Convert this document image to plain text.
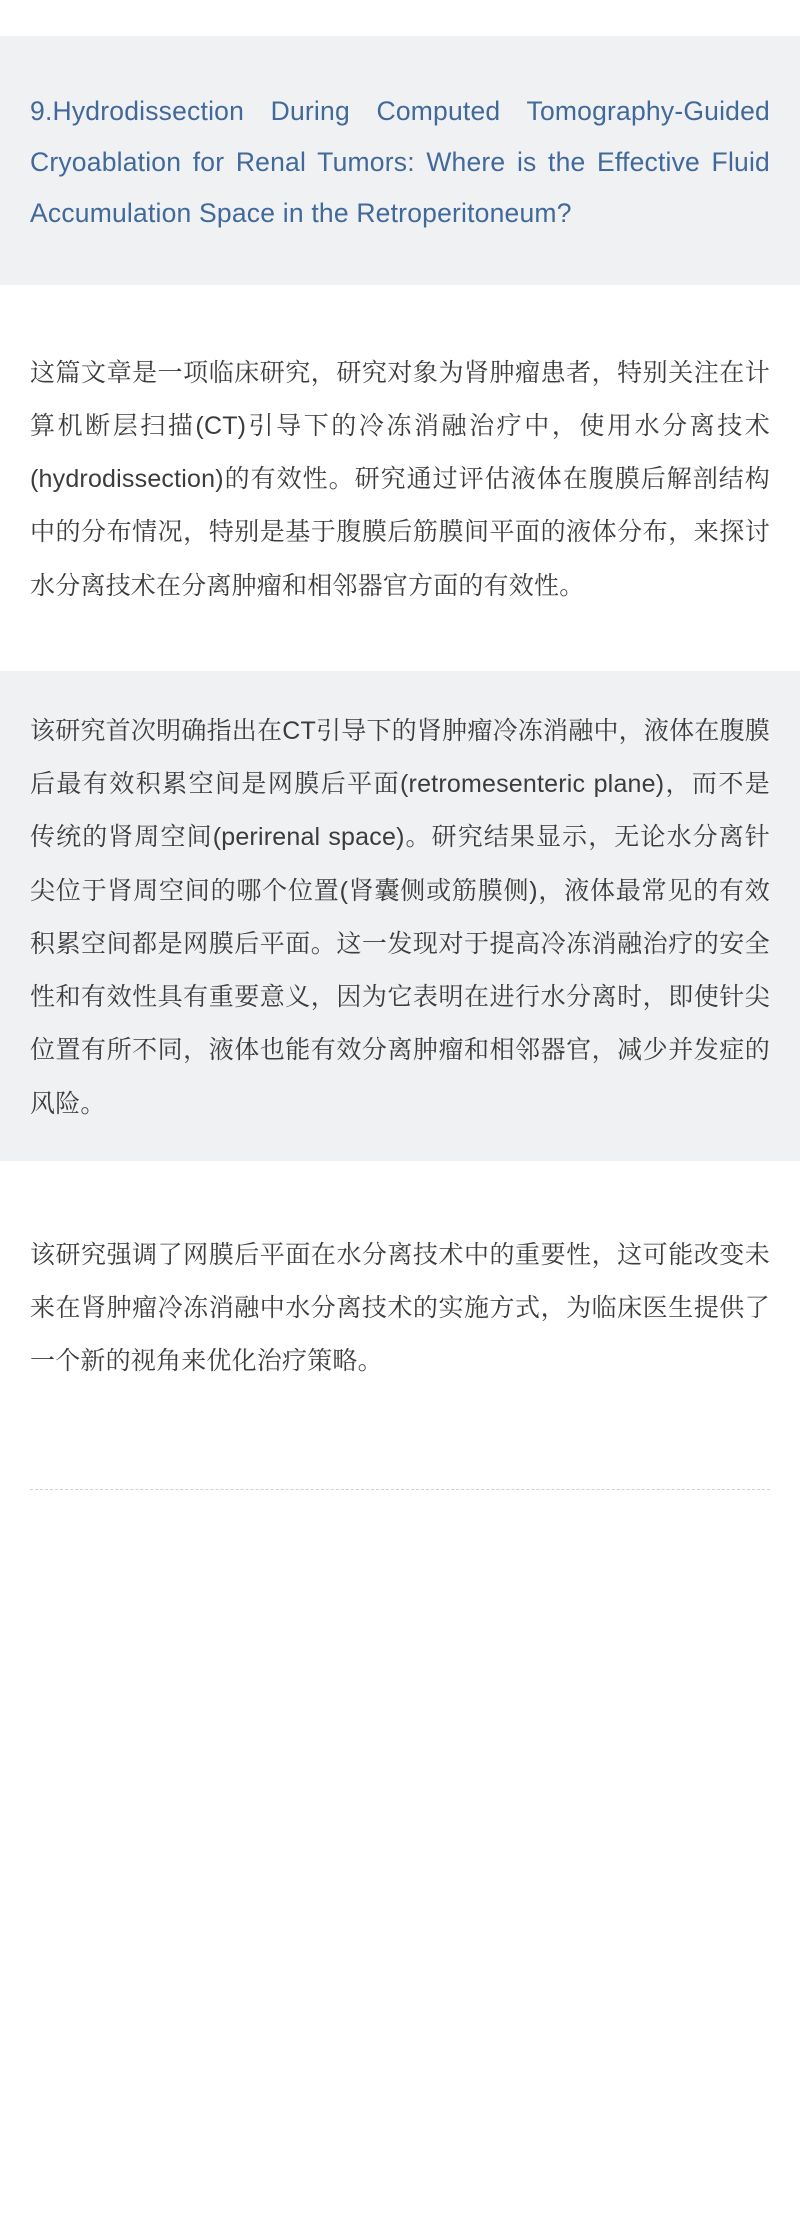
9.Hydrodissection During Computed Tomography-Guided Cryoablation for Renal Tumors: Where is the Effective Fluid Accumulation Space in the Retroperitoneum?

这篇文章是一项临床研究，研究对象为肾肿瘤患者，特别关注在计算机断层扫描(CT)引导下的冷冻消融治疗中，使用水分离技术(hydrodissection)的有效性。研究通过评估液体在腹膜后解剖结构中的分布情况，特别是基于腹膜后筋膜间平面的液体分布，来探讨水分离技术在分离肿瘤和相邻器官方面的有效性。

该研究首次明确指出在CT引导下的肾肿瘤冷冻消融中，液体在腹膜后最有效积累空间是网膜后平面(retromesenteric plane)，而不是传统的肾周空间(perirenal space)。研究结果显示，无论水分离针尖位于肾周空间的哪个位置(肾囊侧或筋膜侧)，液体最常见的有效积累空间都是网膜后平面。这一发现对于提高冷冻消融治疗的安全性和有效性具有重要意义，因为它表明在进行水分离时，即使针尖位置有所不同，液体也能有效分离肿瘤和相邻器官，减少并发症的风险。

该研究强调了网膜后平面在水分离技术中的重要性，这可能改变未来在肾肿瘤冷冻消融中水分离技术的实施方式，为临床医生提供了一个新的视角来优化治疗策略。
